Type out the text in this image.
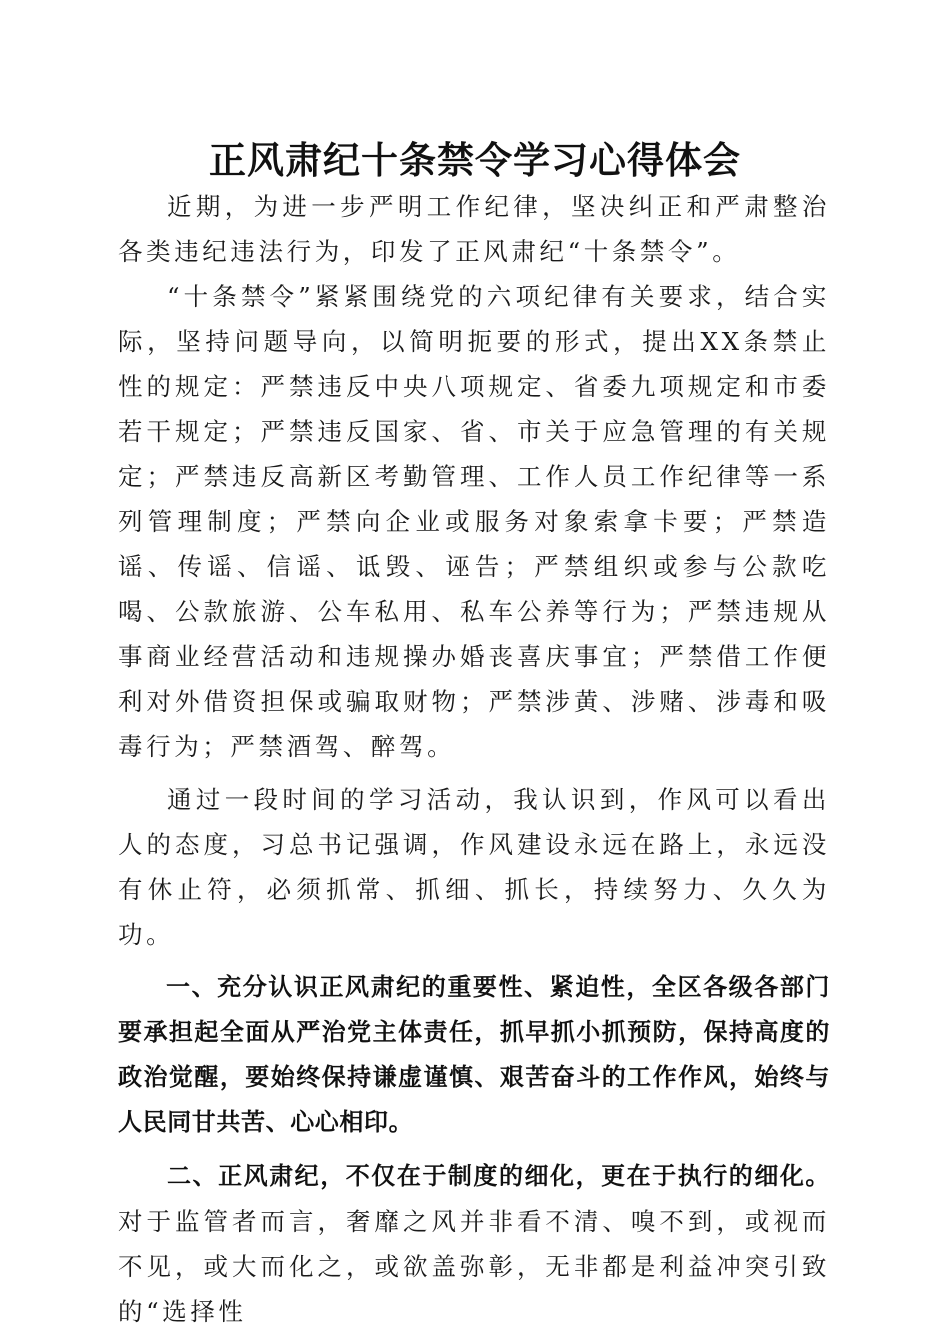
正风肃纪十条禁令学习心得体会

近期，为进一步严明工作纪律，坚决纠正和严肃整治各类违纪违法行为，印发了正风肃纪“十条禁令”。

“十条禁令”紧紧围绕党的六项纪律有关要求，结合实际，坚持问题导向，以简明扼要的形式，提出XX条禁止性的规定：严禁违反中央八项规定、省委九项规定和市委若干规定；严禁违反国家、省、市关于应急管理的有关规定；严禁违反高新区考勤管理、工作人员工作纪律等一系列管理制度；严禁向企业或服务对象索拿卡要；严禁造谣、传谣、信谣、诋毁、诬告；严禁组织或参与公款吃喝、公款旅游、公车私用、私车公养等行为；严禁违规从事商业经营活动和违规操办婚丧喜庆事宜；严禁借工作便利对外借资担保或骗取财物；严禁涉黄、涉赌、涉毒和吸毒行为；严禁酒驾、醉驾。

通过一段时间的学习活动，我认识到，作风可以看出人的态度，习总书记强调，作风建设永远在路上，永远没有休止符，必须抓常、抓细、抓长，持续努力、久久为功。

一、充分认识正风肃纪的重要性、紧迫性，全区各级各部门要承担起全面从严治党主体责任，抓早抓小抓预防，保持高度的政治觉醒，要始终保持谦虚谨慎、艰苦奋斗的工作作风，始终与人民同甘共苦、心心相印。

二、正风肃纪，不仅在于制度的细化，更在于执行的细化。对于监管者而言，奢靡之风并非看不清、嗅不到，或视而不见，或大而化之，或欲盖弥彰，无非都是利益冲突引致的“选择性
